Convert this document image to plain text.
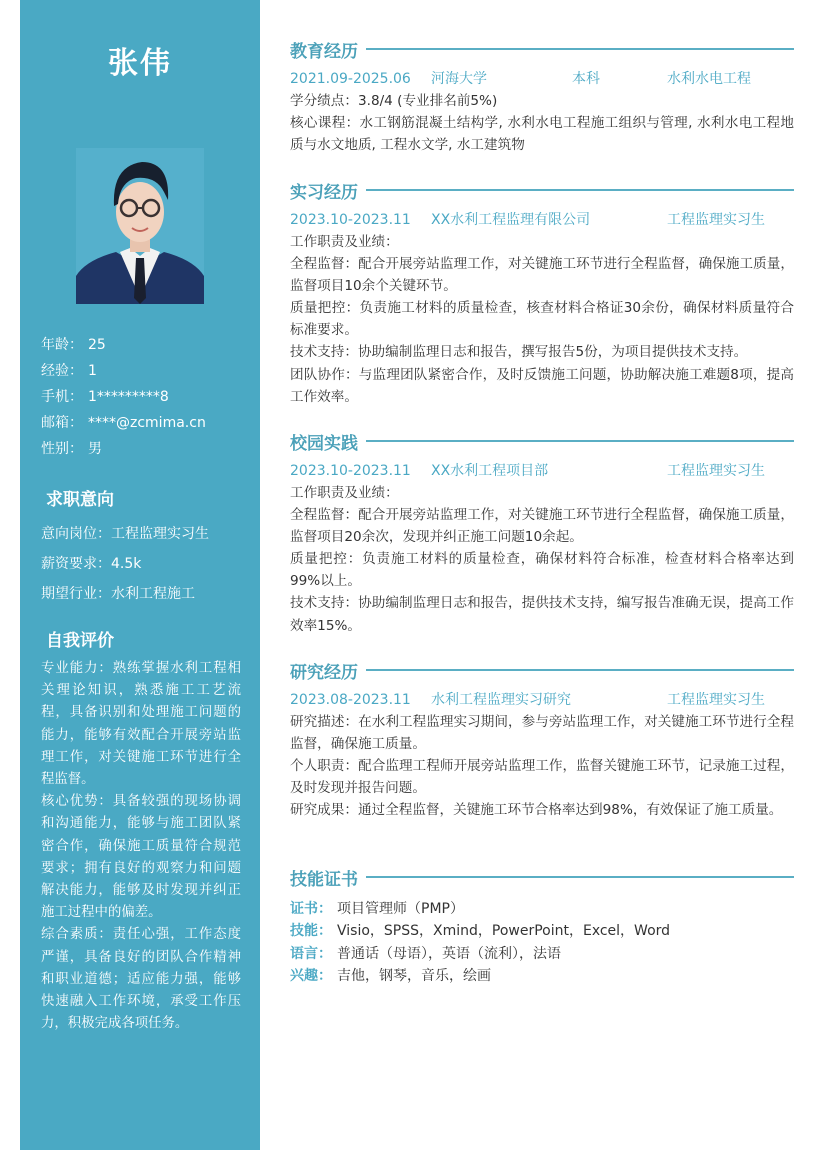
张伟
年龄： 25
经验： 1
手机： 1*********8
邮箱： ****@zcmima.cn
性别： 男
求职意向
意向岗位：工程监理实习生
薪资要求：4.5k
期望行业：水利工程施工
自我评价

专业能力：熟练掌握水利工程相关理论知识，熟悉施工工艺流程，具备识别和处理施工问题的能力，能够有效配合开展旁站监理工作，对关键施工环节进行全程监督。

核心优势：具备较强的现场协调和沟通能力，能够与施工团队紧密合作，确保施工质量符合规范要求；拥有良好的观察力和问题解决能力，能够及时发现并纠正施工过程中的偏差。

综合素质：责任心强，工作态度严谨，具备良好的团队合作精神和职业道德；适应能力强，能够快速融入工作环境，承受工作压力，积极完成各项任务。

教育经历
2021.09-2025.06	河海大学	本科	水利水电工程

学分绩点：3.8/4 (专业排名前5%)

核心课程：水工钢筋混凝土结构学, 水利水电工程施工组织与管理, 水利水电工程地质与水文地质, 工程水文学, 水工建筑物

实习经历
2023.10-2023.11	XX水利工程监理有限公司	工程监理实习生

工作职责及业绩：

全程监督：配合开展旁站监理工作，对关键施工环节进行全程监督，确保施工质量，监督项目10余个关键环节。

质量把控：负责施工材料的质量检查，核查材料合格证30余份，确保材料质量符合标准要求。

技术支持：协助编制监理日志和报告，撰写报告5份，为项目提供技术支持。

团队协作：与监理团队紧密合作，及时反馈施工问题，协助解决施工难题8项，提高工作效率。

校园实践
2023.10-2023.11	XX水利工程项目部	工程监理实习生

工作职责及业绩：

全程监督：配合开展旁站监理工作，对关键施工环节进行全程监督，确保施工质量，监督项目20余次，发现并纠正施工问题10余起。

质量把控：负责施工材料的质量检查，确保材料符合标准，检查材料合格率达到99%以上。

技术支持：协助编制监理日志和报告，提供技术支持，编写报告准确无误，提高工作效率15%。

研究经历
2023.08-2023.11	水利工程监理实习研究	工程监理实习生

研究描述：在水利工程监理实习期间，参与旁站监理工作，对关键施工环节进行全程监督，确保施工质量。

个人职责：配合监理工程师开展旁站监理工作，监督关键施工环节，记录施工过程，及时发现并报告问题。

研究成果：通过全程监督，关键施工环节合格率达到98%，有效保证了施工质量。

技能证书
证书： 项目管理师（PMP）
技能： Visio，SPSS，Xmind，PowerPoint，Excel，Word
语言： 普通话（母语），英语（流利），法语
兴趣： 吉他，钢琴，音乐，绘画
